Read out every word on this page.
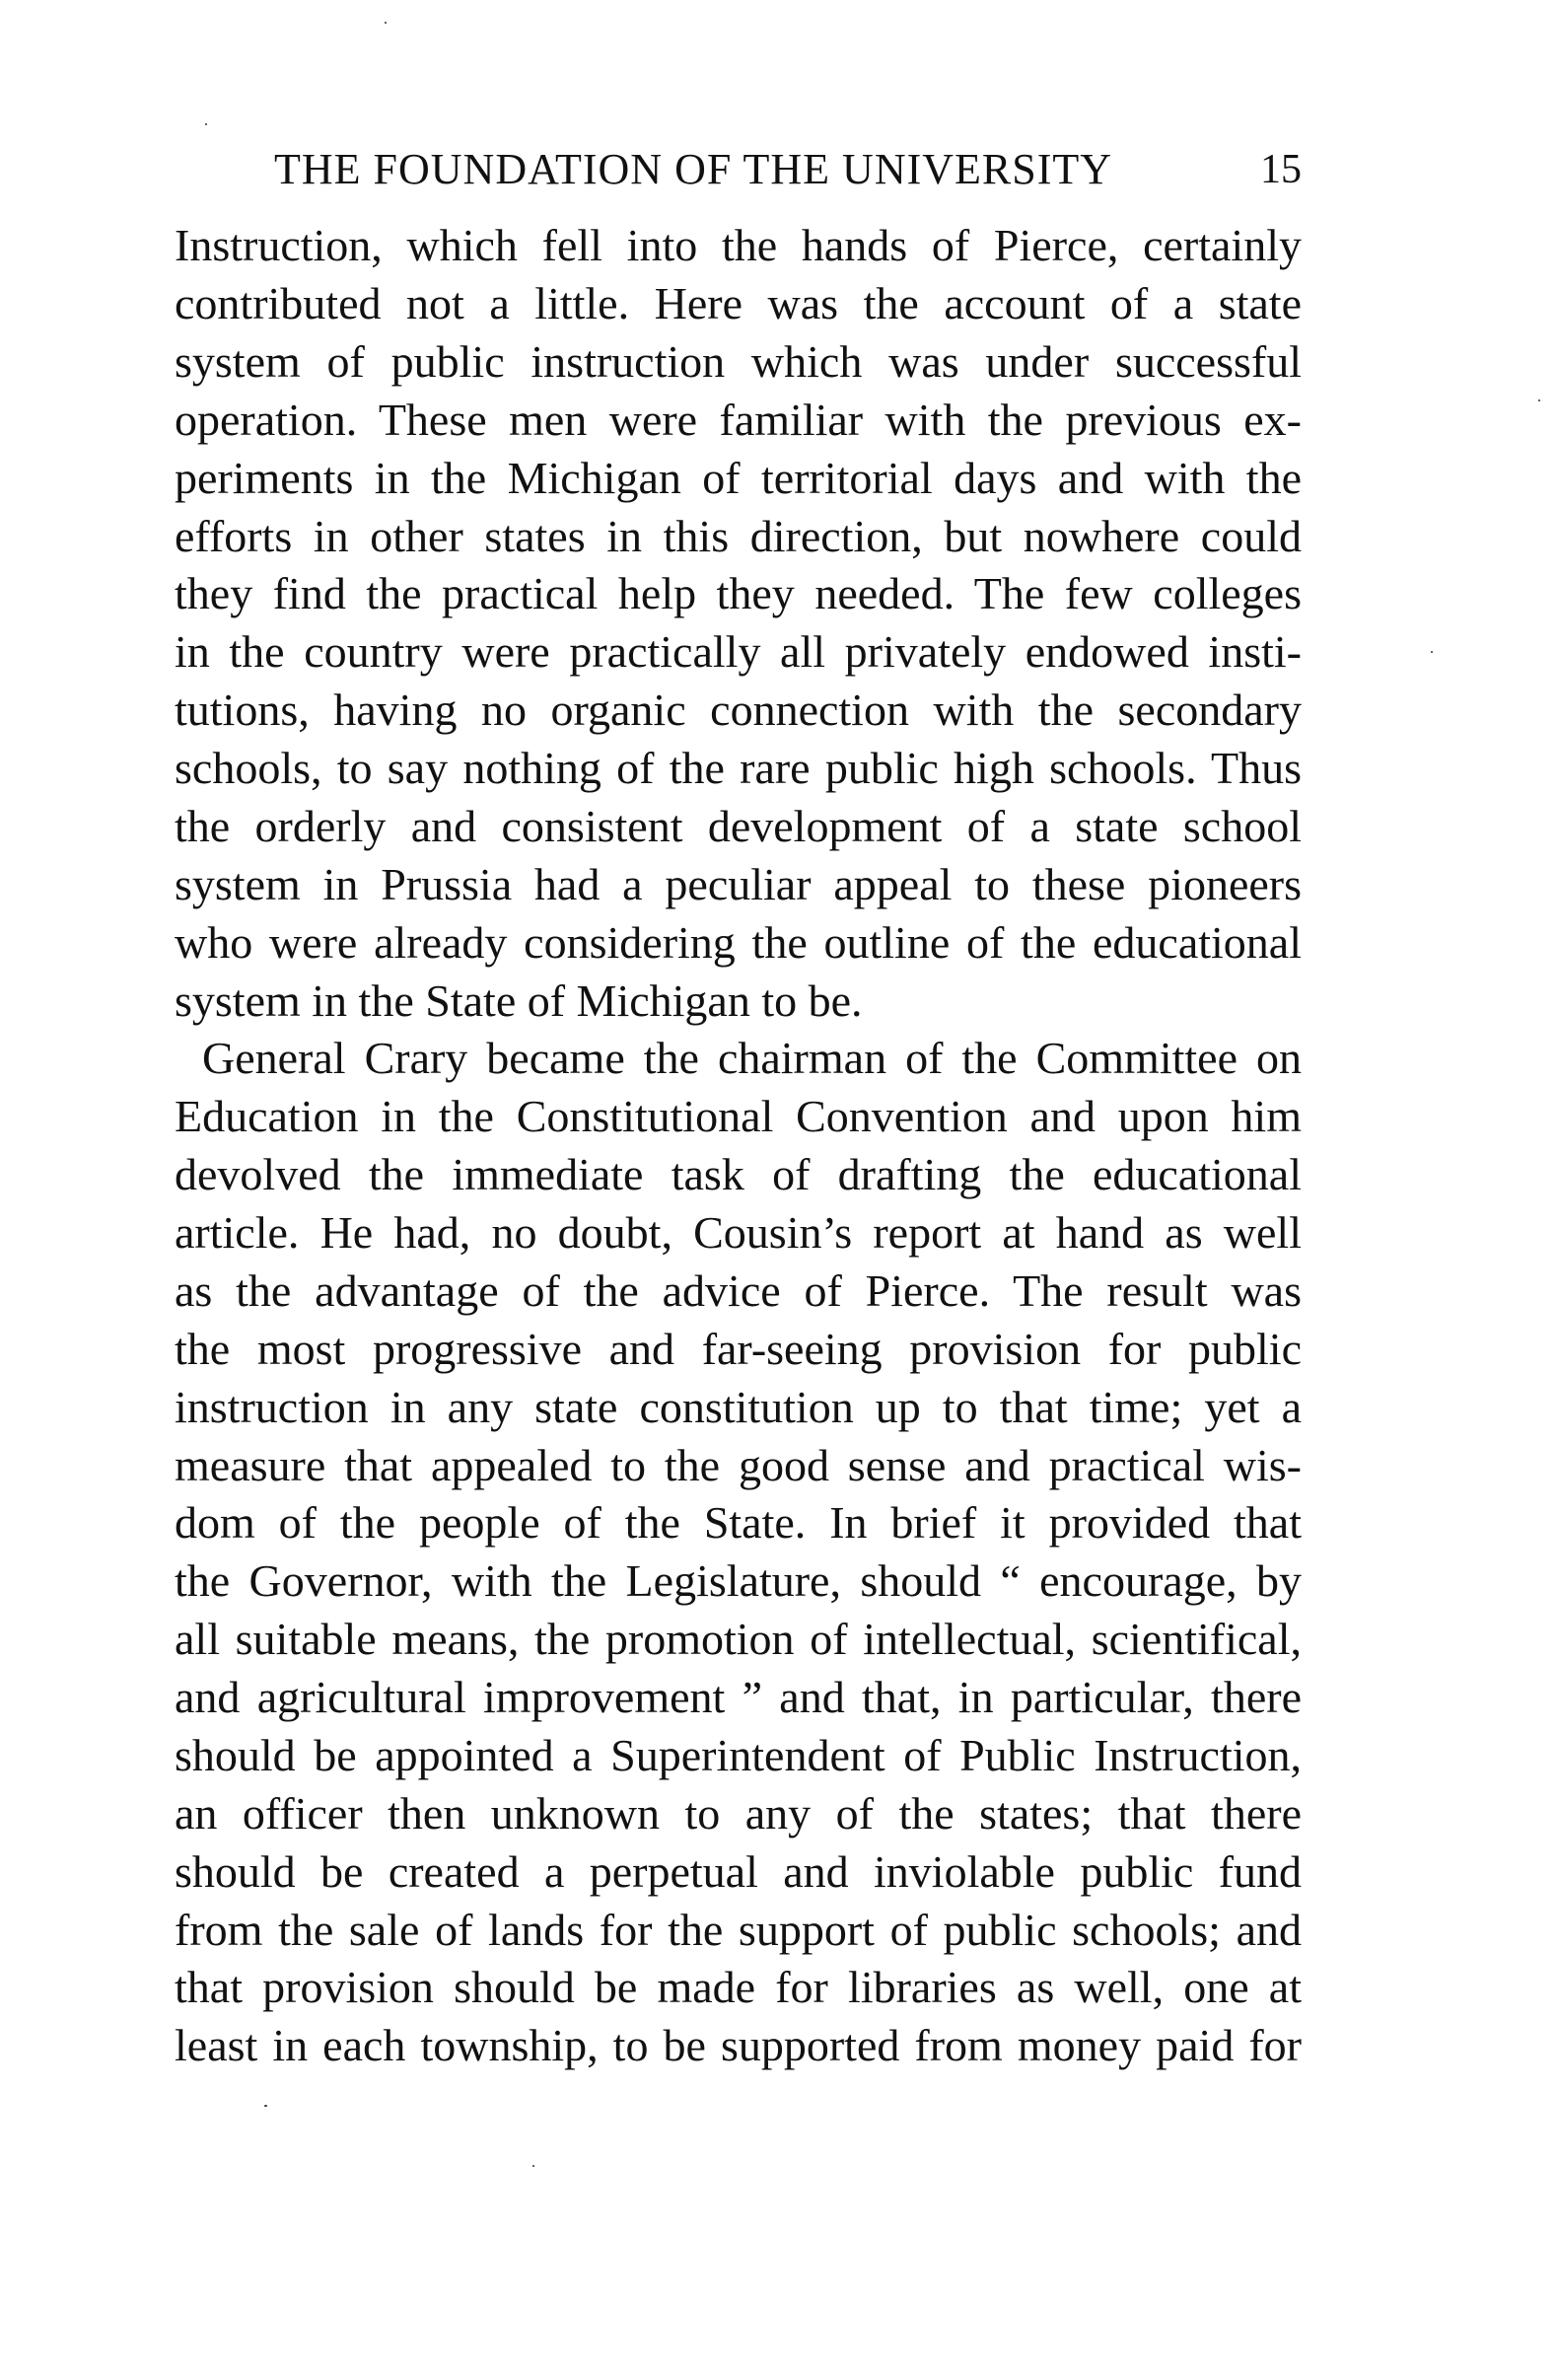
THE FOUNDATION OF THE UNIVERSITY	15
Instruction, which fell into the hands of Pierce, certainly
contributed not a little. Here was the account of a state
system of public instruction which was under successful
operation. These men were familiar with the previous ex-
periments in the Michigan of territorial days and with the
efforts in other states in this direction, but nowhere could
they find the practical help they needed. The few colleges
in the country were practically all privately endowed insti-
tutions, having no organic connection with the secondary
schools, to say nothing of the rare public high schools. Thus
the orderly and consistent development of a state school
system in Prussia had a peculiar appeal to these pioneers
who were already considering the outline of the educational
system in the State of Michigan to be.
General Crary became the chairman of the Committee on
Education in the Constitutional Convention and upon him
devolved the immediate task of drafting the educational
article. He had, no doubt, Cousin’s report at hand as well
as the advantage of the advice of Pierce. The result was
the most progressive and far-seeing provision for public
instruction in any state constitution up to that time; yet a
measure that appealed to the good sense and practical wis-
dom of the people of the State. In brief it provided that
the Governor, with the Legislature, should “ encourage, by
all suitable means, the promotion of intellectual, scientifical,
and agricultural improvement ” and that, in particular, there
should be appointed a Superintendent of Public Instruction,
an officer then unknown to any of the states; that there
should be created a perpetual and inviolable public fund
from the sale of lands for the support of public schools; and
that provision should be made for libraries as well, one at
least in each township, to be supported from money paid for
